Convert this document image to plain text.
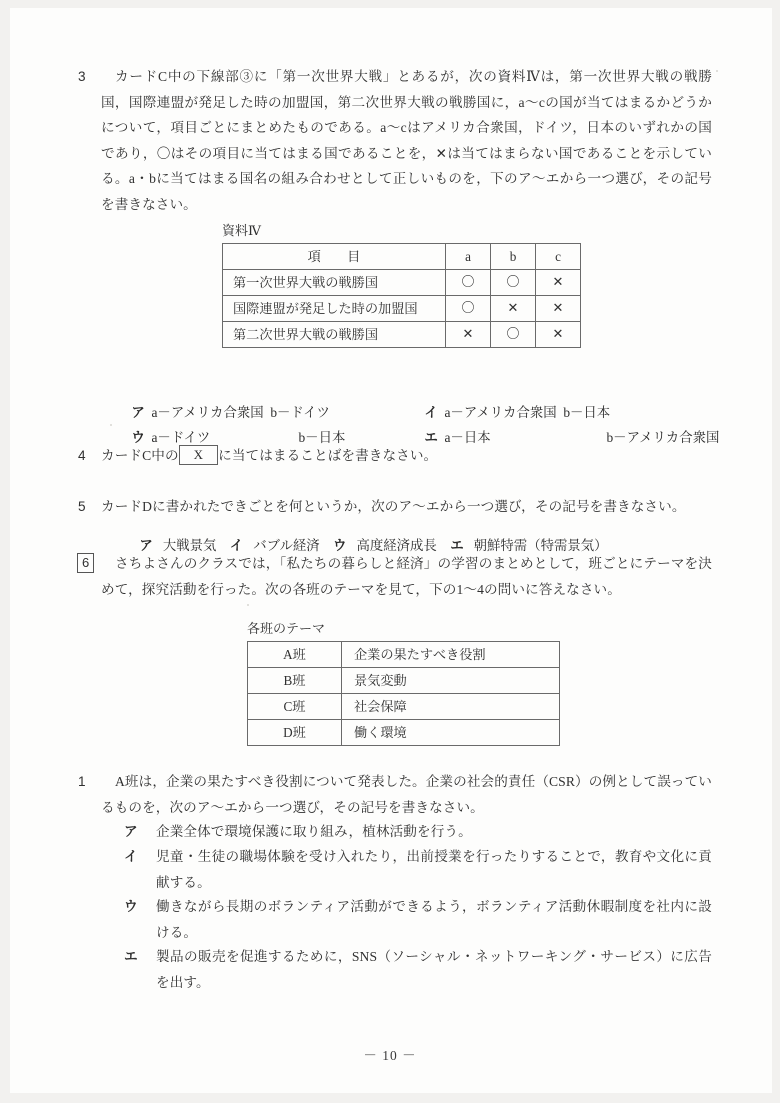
3	カードC中の下線部③に「第一次世界大戦」とあるが，次の資料Ⅳは，第一次世界大戦の戦勝国，国際連盟が発足した時の加盟国，第二次世界大戦の戦勝国に，a～cの国が当てはまるかどうかについて，項目ごとにまとめたものである。a～cはアメリカ合衆国，ドイツ，日本のいずれかの国であり，〇はその項目に当てはまる国であることを，✕は当てはまらない国であることを示している。a・bに当てはまる国名の組み合わせとして正しいものを，下のア～エから一つ選び，その記号を書きなさい。
資料Ⅳ
項　　目	a	b	c
第一次世界大戦の戦勝国	〇	〇	✕
国際連盟が発足した時の加盟国	〇	✕	✕
第二次世界大戦の戦勝国	✕	〇	✕

ア a－アメリカ合衆国 b－ドイツ
	イ a－アメリカ合衆国 b－日本

ウ a－ドイツ	b－日本
	エ a－日本	b－アメリカ合衆国

4 カードC中の X に当てはまることばを書きなさい。
5 カードDに書かれたできごとを何というか，次のア～エから一つ選び，その記号を書きなさい。

ア 大戦景気 イ バブル経済 ウ 高度経済成長 エ 朝鮮特需（特需景気）

6	さちよさんのクラスでは，「私たちの暮らしと経済」の学習のまとめとして，班ごとにテーマを決めて，探究活動を行った。次の各班のテーマを見て，下の1～4の問いに答えなさい。
各班のテーマ
A班	企業の果たすべき役割
B班	景気変動
C班	社会保障
D班	働く環境
1	A班は，企業の果たすべき役割について発表した。企業の社会的責任（CSR）の例として誤っているものを，次のア～エから一つ選び，その記号を書きなさい。
ア 企業全体で環境保護に取り組み，植林活動を行う。
イ 児童・生徒の職場体験を受け入れたり，出前授業を行ったりすることで，教育や文化に貢献する。
ウ 働きながら長期のボランティア活動ができるよう，ボランティア活動休暇制度を社内に設ける。
エ 製品の販売を促進するために，SNS（ソーシャル・ネットワーキング・サービス）に広告を出す。
－ 10 －
